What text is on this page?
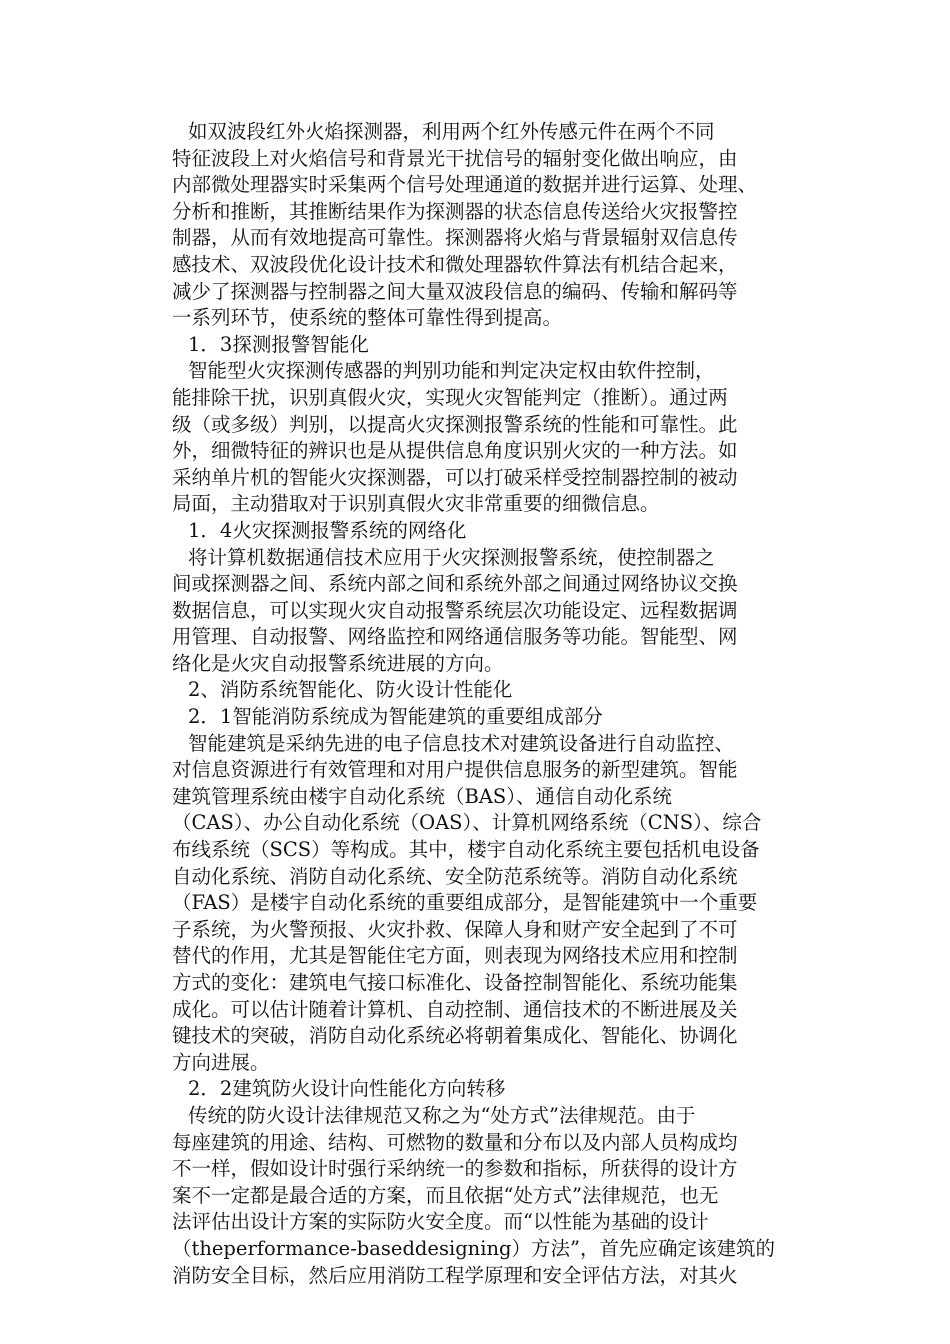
如双波段红外火焰探测器，利用两个红外传感元件在两个不同
特征波段上对火焰信号和背景光干扰信号的辐射变化做出响应，由
内部微处理器实时采集两个信号处理通道的数据并进行运算、处理、
分析和推断，其推断结果作为探测器的状态信息传送给火灾报警控
制器，从而有效地提高可靠性。探测器将火焰与背景辐射双信息传
感技术、双波段优化设计技术和微处理器软件算法有机结合起来，
减少了探测器与控制器之间大量双波段信息的编码、传输和解码等
一系列环节，使系统的整体可靠性得到提高。
1．3探测报警智能化
智能型火灾探测传感器的判别功能和判定决定权由软件控制，
能排除干扰，识别真假火灾，实现火灾智能判定（推断）。通过两
级（或多级）判别，以提高火灾探测报警系统的性能和可靠性。此
外，细微特征的辨识也是从提供信息角度识别火灾的一种方法。如
采纳单片机的智能火灾探测器，可以打破采样受控制器控制的被动
局面，主动猎取对于识别真假火灾非常重要的细微信息。
1．4火灾探测报警系统的网络化
将计算机数据通信技术应用于火灾探测报警系统，使控制器之
间或探测器之间、系统内部之间和系统外部之间通过网络协议交换
数据信息，可以实现火灾自动报警系统层次功能设定、远程数据调
用管理、自动报警、网络监控和网络通信服务等功能。智能型、网
络化是火灾自动报警系统进展的方向。
2、消防系统智能化、防火设计性能化
2．1智能消防系统成为智能建筑的重要组成部分
智能建筑是采纳先进的电子信息技术对建筑设备进行自动监控、
对信息资源进行有效管理和对用户提供信息服务的新型建筑。智能
建筑管理系统由楼宇自动化系统（BAS）、通信自动化系统
（CAS）、办公自动化系统（OAS）、计算机网络系统（CNS）、综合
布线系统（SCS）等构成。其中，楼宇自动化系统主要包括机电设备
自动化系统、消防自动化系统、安全防范系统等。消防自动化系统
（FAS）是楼宇自动化系统的重要组成部分，是智能建筑中一个重要
子系统，为火警预报、火灾扑救、保障人身和财产安全起到了不可
替代的作用，尤其是智能住宅方面，则表现为网络技术应用和控制
方式的变化：建筑电气接口标准化、设备控制智能化、系统功能集
成化。可以估计随着计算机、自动控制、通信技术的不断进展及关
键技术的突破，消防自动化系统必将朝着集成化、智能化、协调化
方向进展。
2．2建筑防火设计向性能化方向转移
传统的防火设计法律规范又称之为“处方式”法律规范。由于
每座建筑的用途、结构、可燃物的数量和分布以及内部人员构成均
不一样，假如设计时强行采纳统一的参数和指标，所获得的设计方
案不一定都是最合适的方案，而且依据“处方式”法律规范，也无
法评估出设计方案的实际防火安全度。而“以性能为基础的设计
（theperformance-baseddesigning）方法”，首先应确定该建筑的
消防安全目标，然后应用消防工程学原理和安全评估方法，对其火
